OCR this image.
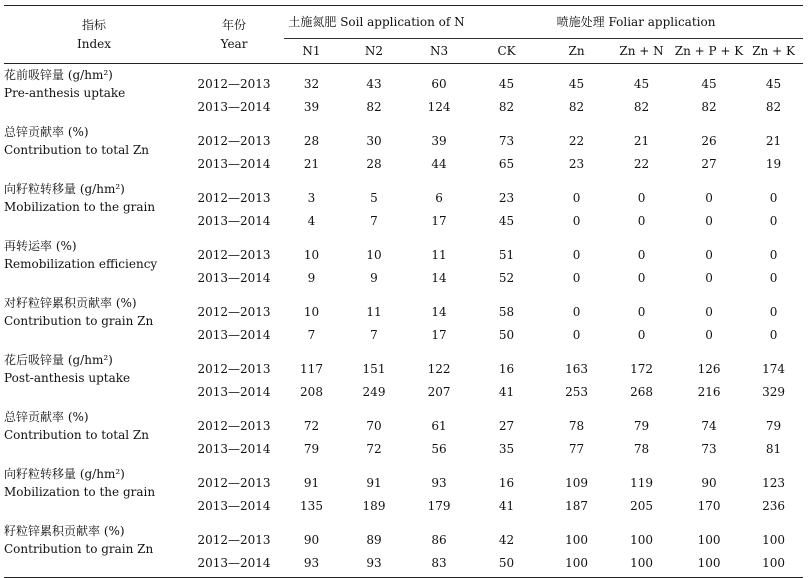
指标
Index	年份
Year	土施氮肥 Soil application of N			喷施处理 Foliar application				
		N1	N2	N3	CK	Zn	Zn + N	Zn + P + K	Zn + K

花前吸锌量 (g/hm²)
Pre-anthesis uptake	2012—2013	32	43	60	45	45	45	45	45
	2013—2014	39	82	124	82	82	82	82	82

总锌贡献率 (%)
Contribution to total Zn	2012—2013	28	30	39	73	22	21	26	21
	2013—2014	21	28	44	65	23	22	27	19

向籽粒转移量 (g/hm²)
Mobilization to the grain	2012—2013	3	5	6	23	0	0	0	0
	2013—2014	4	7	17	45	0	0	0	0

再转运率 (%)
Remobilization efficiency	2012—2013	10	10	11	51	0	0	0	0
	2013—2014	9	9	14	52	0	0	0	0

对籽粒锌累积贡献率 (%)
Contribution to grain Zn	2012—2013	10	11	14	58	0	0	0	0
	2013—2014	7	7	17	50	0	0	0	0

花后吸锌量 (g/hm²)
Post-anthesis uptake	2012—2013	117	151	122	16	163	172	126	174
	2013—2014	208	249	207	41	253	268	216	329

总锌贡献率 (%)
Contribution to total Zn	2012—2013	72	70	61	27	78	79	74	79
	2013—2014	79	72	56	35	77	78	73	81

向籽粒转移量 (g/hm²)
Mobilization to the grain	2012—2013	91	91	93	16	109	119	90	123
	2013—2014	135	189	179	41	187	205	170	236

籽粒锌累积贡献率 (%)
Contribution to grain Zn	2012—2013	90	89	86	42	100	100	100	100
	2013—2014	93	93	83	50	100	100	100	100
